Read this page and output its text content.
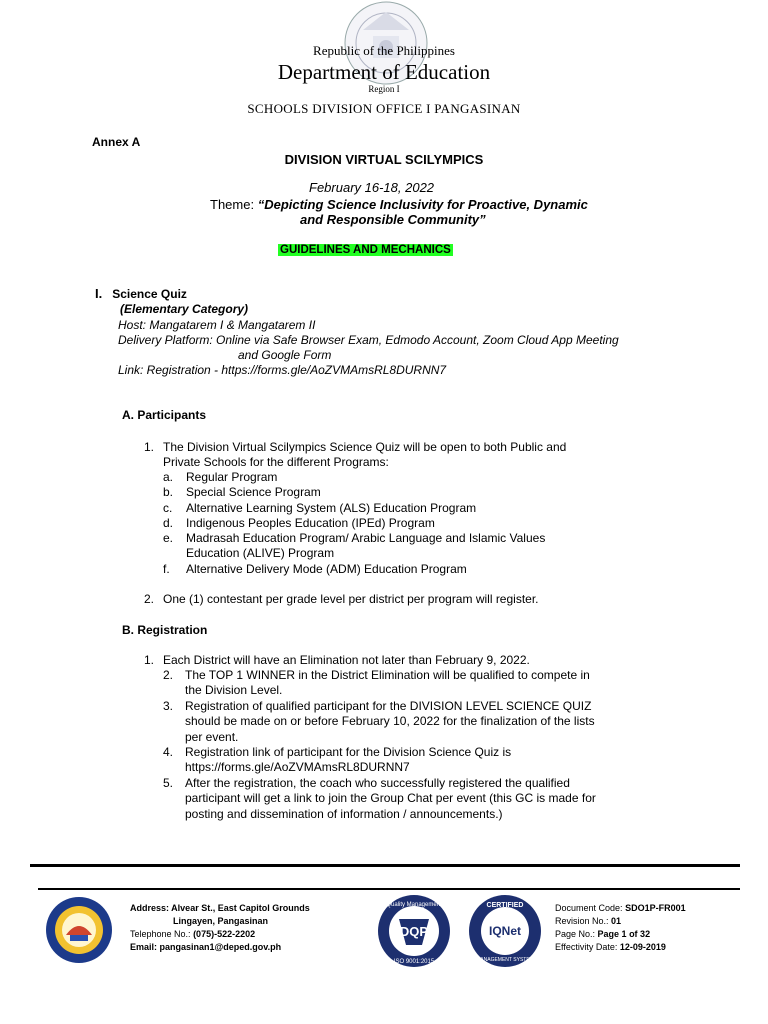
Republic of the Philippines
Department of Education
Region I
SCHOOLS DIVISION OFFICE I PANGASINAN
Annex A
DIVISION VIRTUAL SCILYMPICS
February 16-18, 2022
Theme: “Depicting Science Inclusivity for Proactive, Dynamic
and Responsible Community”
GUIDELINES AND MECHANICS
I. Science Quiz
(Elementary Category)
Host: Mangatarem I & Mangatarem II
Delivery Platform: Online via Safe Browser Exam, Edmodo Account, Zoom Cloud App Meeting
and Google Form
Link: Registration - https://forms.gle/AoZVMAmsRL8DURNN7
A. Participants
1. The Division Virtual Scilympics Science Quiz will be open to both Public and
Private Schools for the different Programs:
a. Regular Program
b. Special Science Program
c. Alternative Learning System (ALS) Education Program
d. Indigenous Peoples Education (IPEd) Program
e. Madrasah Education Program/ Arabic Language and Islamic Values
Education (ALIVE) Program
f. Alternative Delivery Mode (ADM) Education Program
2. One (1) contestant per grade level per district per program will register.
B. Registration
1. Each District will have an Elimination not later than February 9, 2022.
2. The TOP 1 WINNER in the District Elimination will be qualified to compete in
the Division Level.
3. Registration of qualified participant for the DIVISION LEVEL SCIENCE QUIZ
should be made on or before February 10, 2022 for the finalization of the lists
per event.
4. Registration link of participant for the Division Science Quiz is
https://forms.gle/AoZVMAmsRL8DURNN7
5. After the registration, the coach who successfully registered the qualified
participant will get a link to join the Group Chat per event (this GC is made for
posting and dissemination of information / announcements.)
Address: Alvear St., East Capitol Grounds
Lingayen, Pangasinan
Telephone No.: (075)-522-2202
Email: pangasinan1@deped.gov.ph
Quality Management
DQP
ISO 9001:2015
CERTIFIED
IQNet
MANAGEMENT SYSTEM
Document Code: SDO1P-FR001
Revision No.: 01
Page No.: Page 1 of 32
Effectivity Date: 12-09-2019
